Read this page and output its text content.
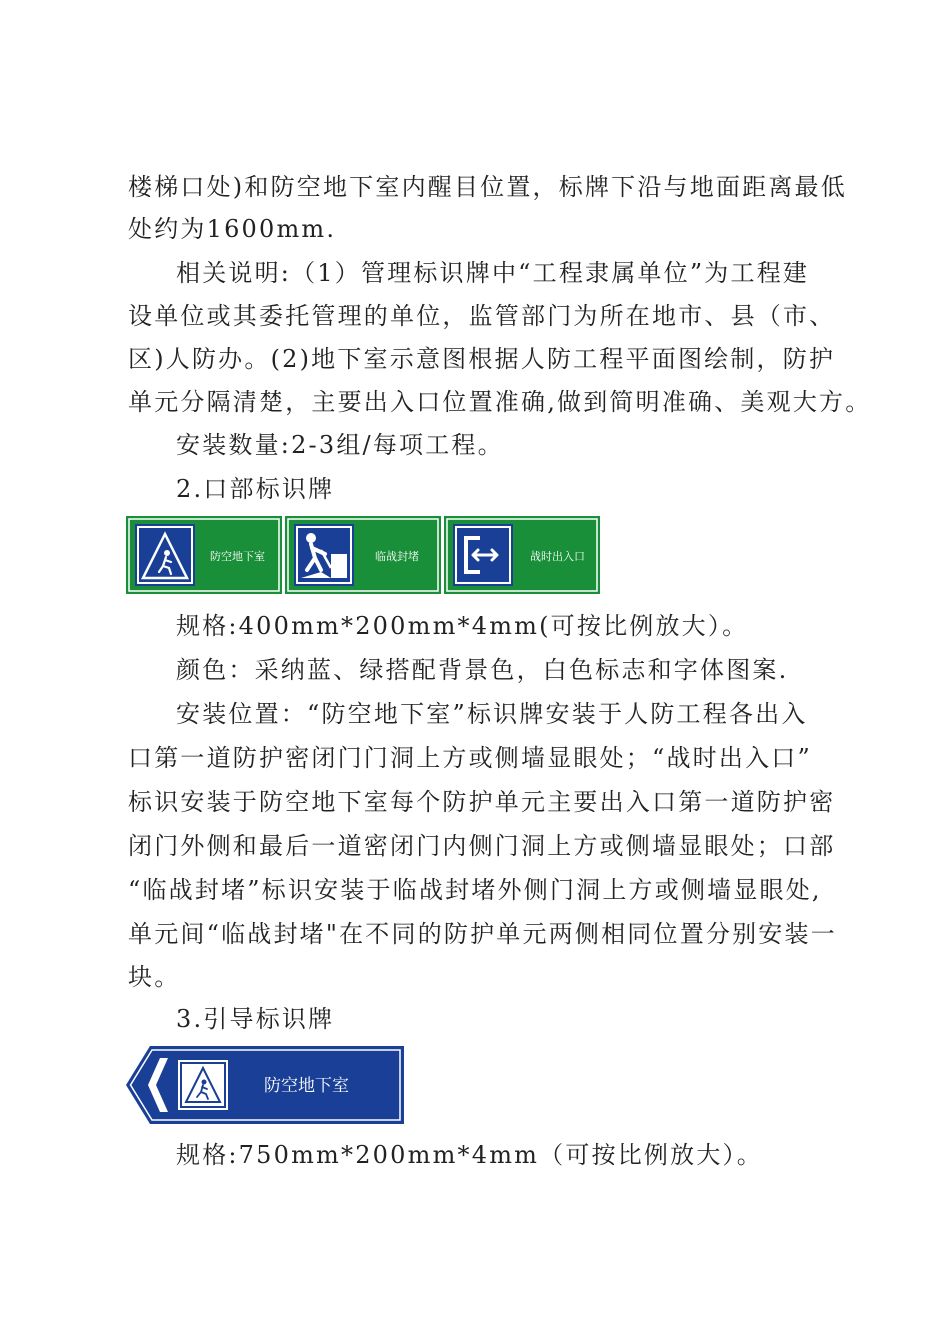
楼梯口处)和防空地下室内醒目位置，标牌下沿与地面距离最低
处约为1600mm.
相关说明:（1）管理标识牌中“工程隶属单位”为工程建
设单位或其委托管理的单位，监管部门为所在地市、县（市、
区)人防办。(2)地下室示意图根据人防工程平面图绘制，防护
单元分隔清楚，主要出入口位置准确,做到简明准确、美观大方。
安装数量:2-3组/每项工程。
2.口部标识牌
防空地下室	临战封堵	战时出入口
规格:400mm*200mm*4mm(可按比例放大）。
颜色：采纳蓝、绿搭配背景色，白色标志和字体图案.
安装位置：“防空地下室”标识牌安装于人防工程各出入
口第一道防护密闭门门洞上方或侧墙显眼处；“战时出入口”
标识安装于防空地下室每个防护单元主要出入口第一道防护密
闭门外侧和最后一道密闭门内侧门洞上方或侧墙显眼处；口部
“临战封堵”标识安装于临战封堵外侧门洞上方或侧墙显眼处,
单元间“临战封堵"在不同的防护单元两侧相同位置分别安装一
块。
3.引导标识牌
防空地下室
规格:750mm*200mm*4mm（可按比例放大）。
